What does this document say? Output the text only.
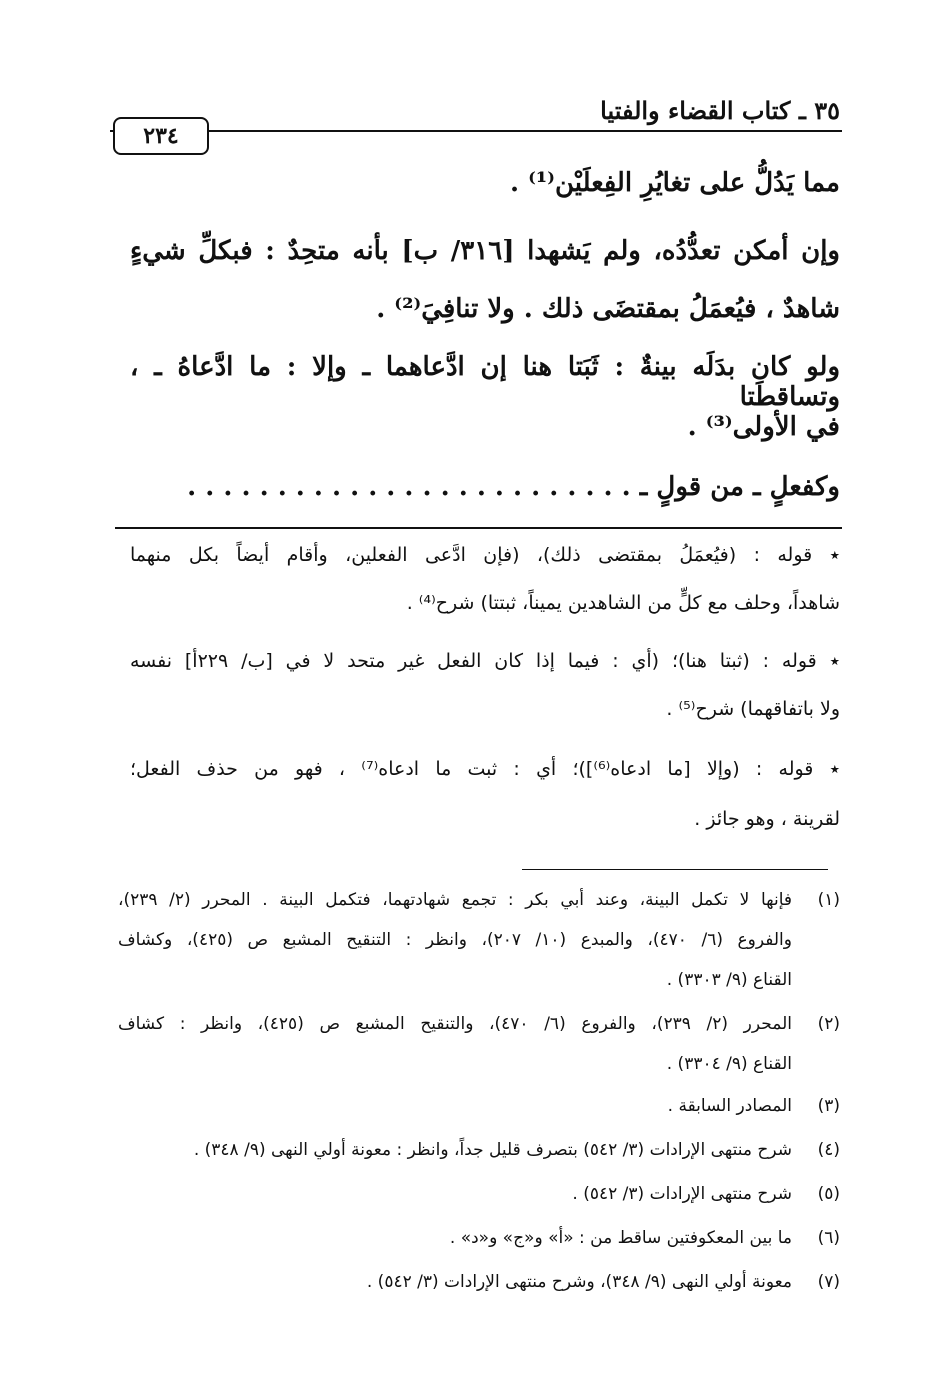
٣٥ ـ كتاب القضاء والفتيا
٢٣٤
مما يَدُلُّ على تغايُرِ الفِعلَيْن⁽¹⁾ .
وإن أمكن تعدُّدُه، ولم يَشهدا [٣١٦/ ب] بأنه متحِدٌ : فبكلِّ شيءٍ
شاهدٌ ، فيُعمَلُ بمقتضَى ذلك . ولا تنافِيَ⁽²⁾ .
ولو كان بدَلَه بينةٌ : ثَبَتا هنا إن ادَّعاهما ـ وإلا : ما ادَّعاهُ ـ ، وتساقطَتا
في الأولى⁽³⁾ .
وكفعلٍ ـ من قولٍ ـ . . . . . . . . . . . . . . . . . . . . . . . . .
٭ قوله : (فيُعمَلُ بمقتضى ذلك)، (فإن ادَّعى الفعلين، وأقام أيضاً بكل منهما
شاهداً، وحلف مع كلٍّ من الشاهدين يميناً، ثبتتا) شرح⁽⁴⁾ .
٭ قوله : (ثبتا هنا)؛ (أي : فيما إذا كان الفعل غير متحد لا في [ب/ ٢٢٩أ] نفسه
ولا باتفاقهما) شرح⁽⁵⁾ .
٭ قوله : (وإلا [ما ادعاه⁽⁶⁾])؛ أي : ثبت ما ادعاه⁽⁷⁾ ، فهو من حذف الفعل؛
لقرينة ، وهو جائز .
(١)
فإنها لا تكمل البينة، وعند أبي بكر : تجمع شهادتهما، فتكمل البينة . المحرر (٢/ ٢٣٩)،
والفروع (٦/ ٤٧٠)، والمبدع (١٠/ ٢٠٧)، وانظر : التنقيح المشبع ص (٤٢٥)، وكشاف
القناع (٩/ ٣٣٠٣) .
(٢)
المحرر (٢/ ٢٣٩)، والفروع (٦/ ٤٧٠)، والتنقيح المشبع ص (٤٢٥)، وانظر : كشاف
القناع (٩/ ٣٣٠٤) .
(٣)
المصادر السابقة .
(٤)
شرح منتهى الإرادات (٣/ ٥٤٢) بتصرف قليل جداً، وانظر : معونة أولي النهى (٩/ ٣٤٨) .
(٥)
شرح منتهى الإرادات (٣/ ٥٤٢) .
(٦)
ما بين المعكوفتين ساقط من : «أ» و«ج» و«د» .
(٧)
معونة أولي النهى (٩/ ٣٤٨)، وشرح منتهى الإرادات (٣/ ٥٤٢) .
